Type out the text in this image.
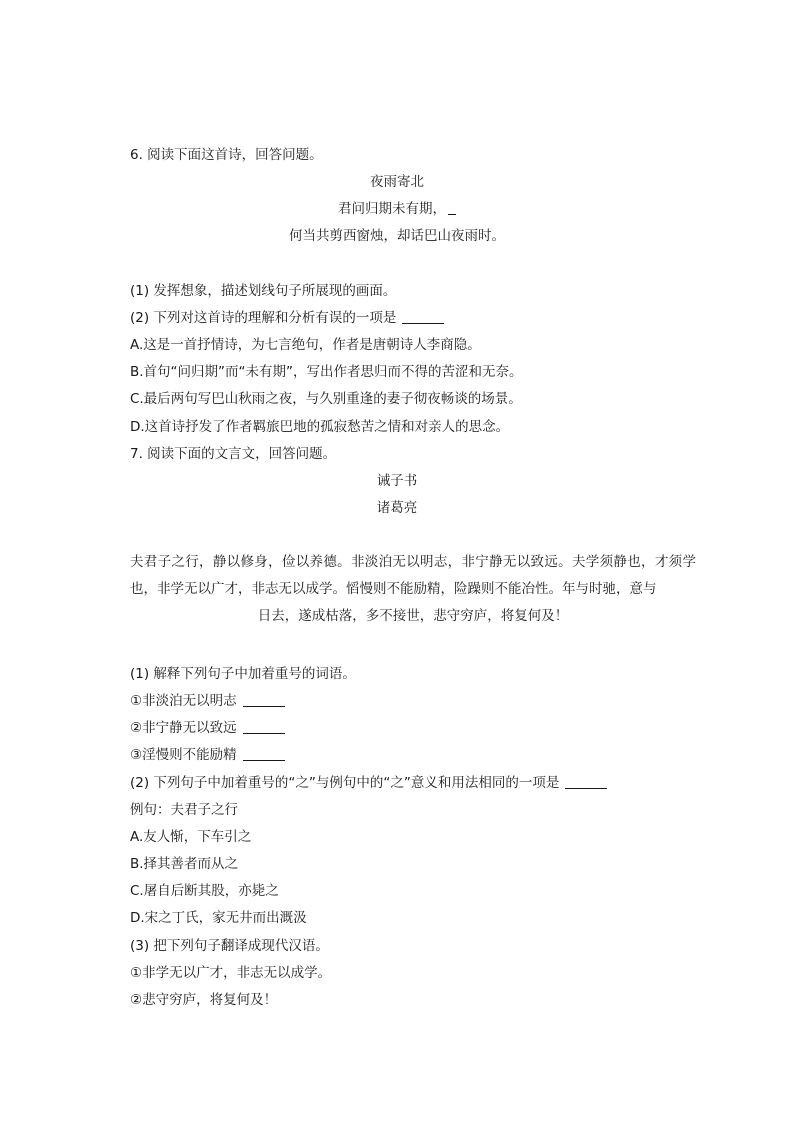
6. 阅读下面这首诗，回答问题。
夜雨寄北
君问归期未有期，
何当共剪西窗烛，却话巴山夜雨时。
(1) 发挥想象，描述划线句子所展现的画面。
(2) 下列对这首诗的理解和分析有误的一项是
A.这是一首抒情诗，为七言绝句，作者是唐朝诗人李商隐。
B.首句“问归期”而“未有期”，写出作者思归而不得的苦涩和无奈。
C.最后两句写巴山秋雨之夜，与久别重逢的妻子彻夜畅谈的场景。
D.这首诗抒发了作者羁旅巴地的孤寂愁苦之情和对亲人的思念。
7. 阅读下面的文言文，回答问题。
诫子书
诸葛亮
夫君子之行，静以修身，俭以养德。非淡泊无以明志，非宁静无以致远。夫学须静也，才须学也，非学无以广才，非志无以成学。慆慢则不能励精，险躁则不能冶性。年与时驰，意与
日去，遂成枯落，多不接世，悲守穷庐，将复何及！
(1) 解释下列句子中加着重号的词语。
①非淡泊无以明志
②非宁静无以致远
③淫慢则不能励精
(2) 下列句子中加着重号的“之”与例句中的“之”意义和用法相同的一项是
例句：夫君子之行
A.友人惭，下车引之
B.择其善者而从之
C.屠自后断其股，亦毙之
D.宋之丁氏，家无井而出溉汲
(3) 把下列句子翻译成现代汉语。
①非学无以广才，非志无以成学。
②悲守穷庐，将复何及！
